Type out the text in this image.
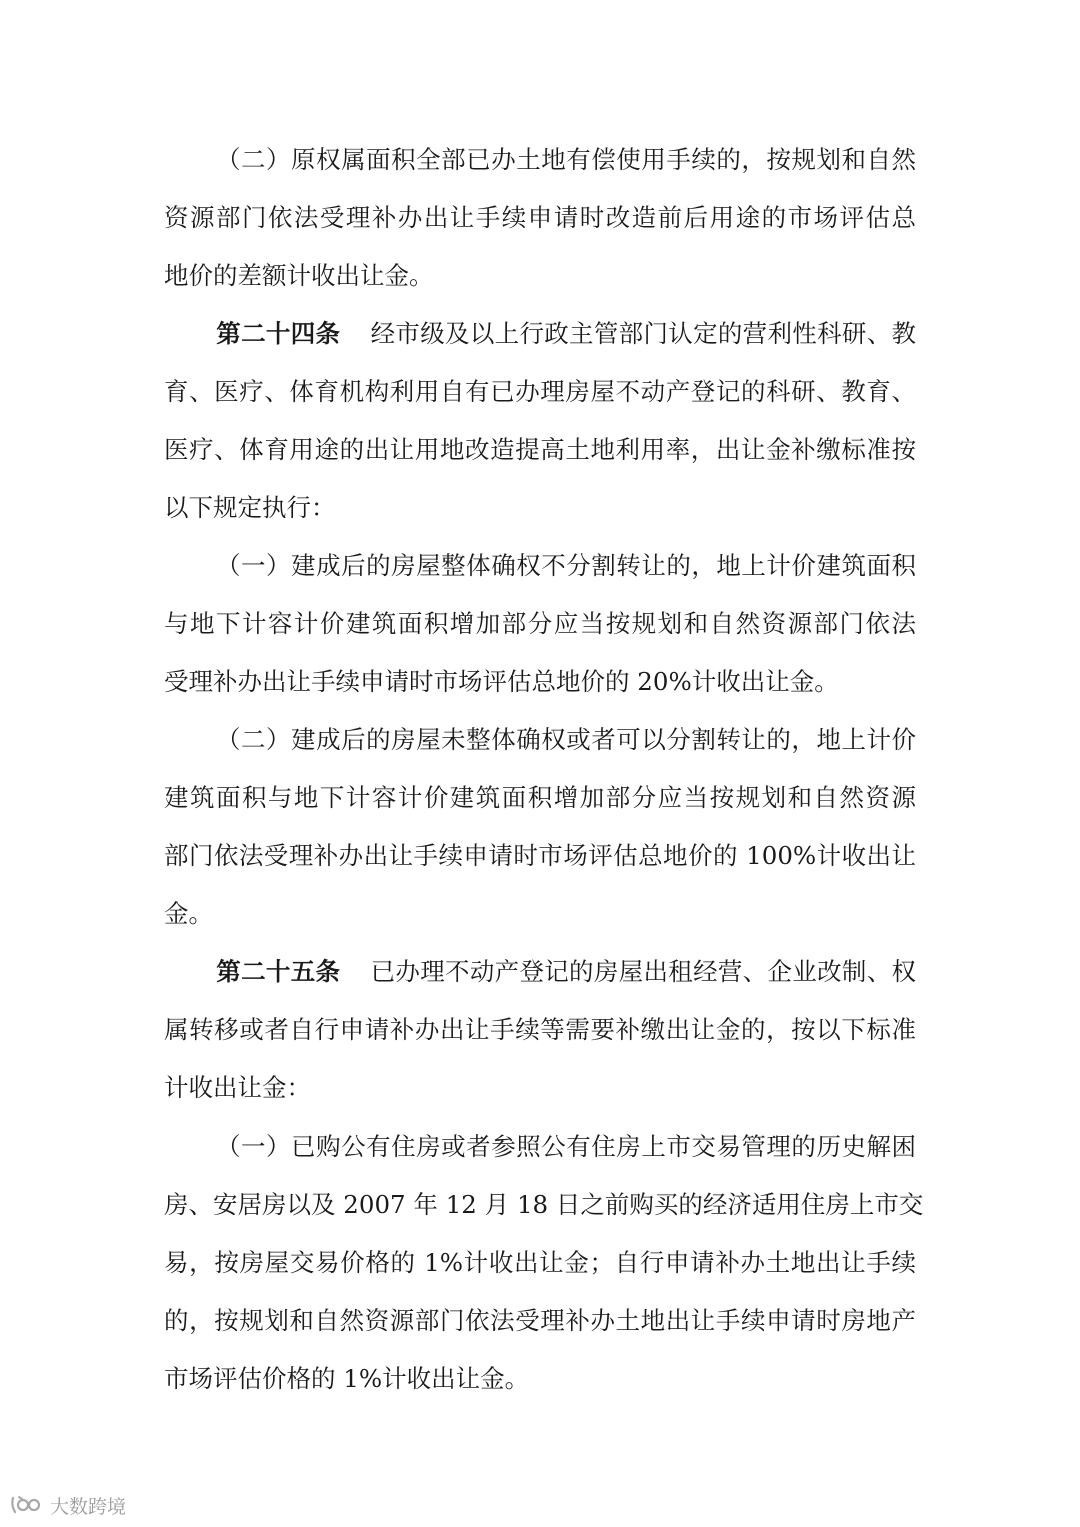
（二）原权属面积全部已办土地有偿使用手续的，按规划和自然
资源部门依法受理补办出让手续申请时改造前后用途的市场评估总
地价的差额计收出让金。
第二十四条 经市级及以上行政主管部门认定的营利性科研、教
育、医疗、体育机构利用自有已办理房屋不动产登记的科研、教育、
医疗、体育用途的出让用地改造提高土地利用率，出让金补缴标准按
以下规定执行：
（一）建成后的房屋整体确权不分割转让的，地上计价建筑面积
与地下计容计价建筑面积增加部分应当按规划和自然资源部门依法
受理补办出让手续申请时市场评估总地价的 20%计收出让金。
（二）建成后的房屋未整体确权或者可以分割转让的，地上计价
建筑面积与地下计容计价建筑面积增加部分应当按规划和自然资源
部门依法受理补办出让手续申请时市场评估总地价的 100%计收出让
金。
第二十五条 已办理不动产登记的房屋出租经营、企业改制、权
属转移或者自行申请补办出让手续等需要补缴出让金的，按以下标准
计收出让金：
（一）已购公有住房或者参照公有住房上市交易管理的历史解困
房、安居房以及 2007 年 12 月 18 日之前购买的经济适用住房上市交
易，按房屋交易价格的 1%计收出让金；自行申请补办土地出让手续
的，按规划和自然资源部门依法受理补办土地出让手续申请时房地产
市场评估价格的 1%计收出让金。
大数跨境
